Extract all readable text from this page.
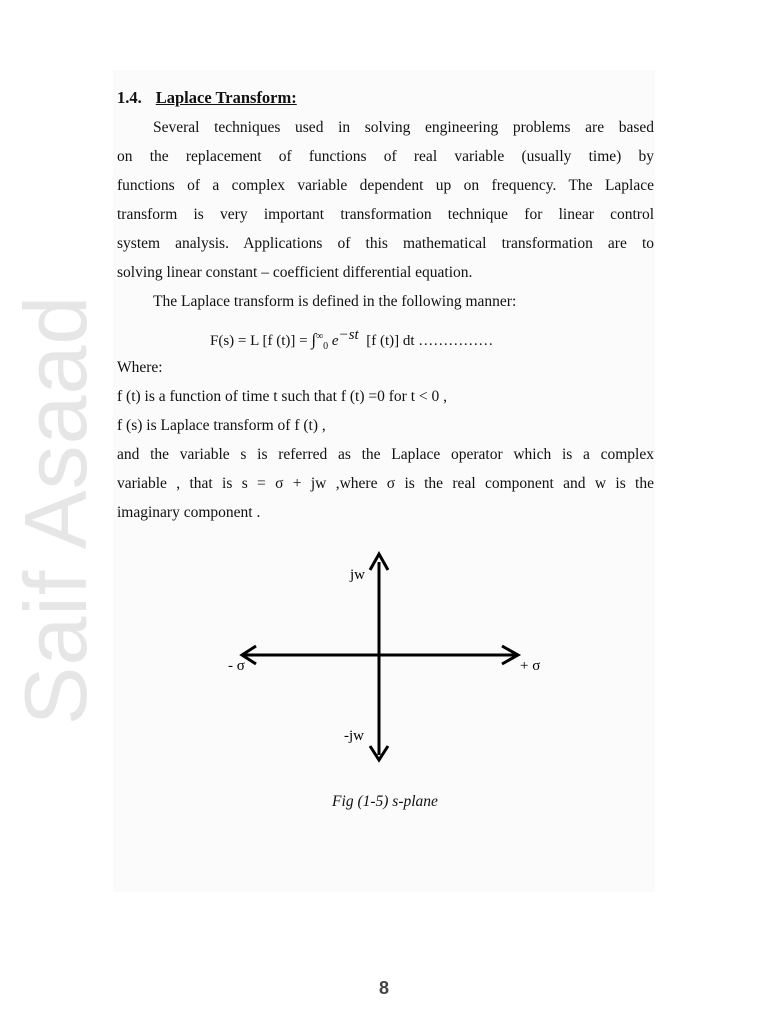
Saif Asaad
1.4. Laplace Transform:
Several techniques used in solving engineering problems are based
on the replacement of functions of real variable (usually time) by
functions of a complex variable dependent up on frequency. The Laplace
transform is very important transformation technique for linear control
system analysis. Applications of this mathematical transformation are to
solving linear constant – coefficient differential equation.
The Laplace transform is defined in the following manner:
F(s) = L [f $(t)] = \int^\infty_0$ $e^{-st}$ [f (t)] dt ……………
Where:
f (t) is a function of time t such that f (t) =0 for t < 0 ,
f (s) is Laplace transform of f (t) ,
and the variable s is referred as the Laplace operator which is a complex
variable , that is s = σ + jw ,where σ is the real component and w is the
imaginary component .
jw
-jw
- σ	+ σ
Fig (1-5) s-plane
8
